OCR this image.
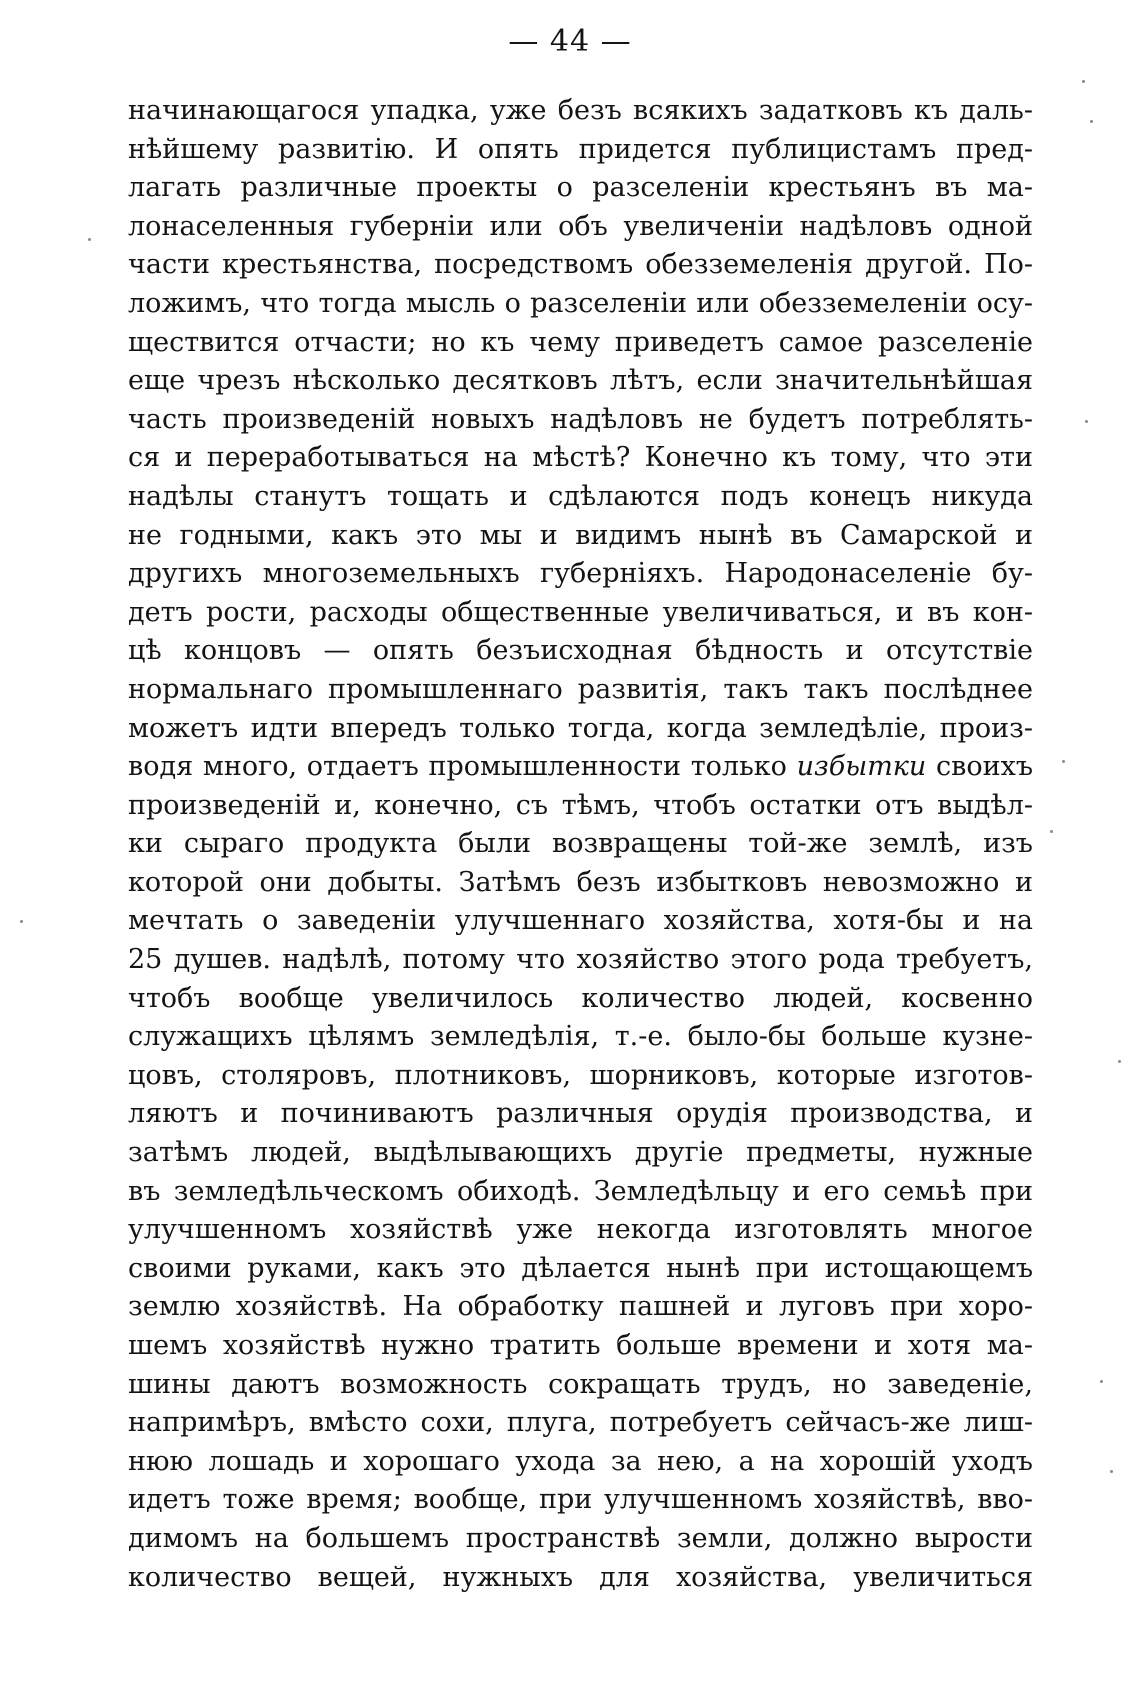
— 44 —
начинающагося упадка, уже безъ всякихъ задатковъ къ даль-
нѣйшему развитію. И опять придется публицистамъ пред-
лагать различные проекты о разселеніи крестьянъ въ ма-
лонаселенныя губерніи или объ увеличеніи надѣловъ одной
части крестьянства, посредствомъ обезземеленія другой. По-
ложимъ, что тогда мысль о разселеніи или обезземеленіи осу-
ществится отчасти; но къ чему приведетъ самое разселеніе
еще чрезъ нѣсколько десятковъ лѣтъ, если значительнѣйшая
часть произведеній новыхъ надѣловъ не будетъ потреблять-
ся и переработываться на мѣстѣ? Конечно къ тому, что эти
надѣлы станутъ тощать и сдѣлаются подъ конецъ никуда
не годными, какъ это мы и видимъ нынѣ въ Самарской и
другихъ многоземельныхъ губерніяхъ. Народонаселеніе бу-
детъ рости, расходы общественные увеличиваться, и въ кон-
цѣ концовъ — опять безъисходная бѣдность и отсутствіе
нормальнаго промышленнаго развитія, такъ такъ послѣднее
можетъ идти впередъ только тогда, когда земледѣліе, произ-
водя много, отдаетъ промышленности только избытки своихъ
произведеній и, конечно, съ тѣмъ, чтобъ остатки отъ выдѣл-
ки сыраго продукта были возвращены той-же землѣ, изъ
которой они добыты. Затѣмъ безъ избытковъ невозможно и
мечтать о заведеніи улучшеннаго хозяйства, хотя-бы и на
25 душев. надѣлѣ, потому что хозяйство этого рода требуетъ,
чтобъ вообще увеличилось количество людей, косвенно
служащихъ цѣлямъ земледѣлія, т.-е. было-бы больше кузне-
цовъ, столяровъ, плотниковъ, шорниковъ, которые изготов-
ляютъ и починиваютъ различныя орудія производства, и
затѣмъ людей, выдѣлывающихъ другіе предметы, нужные
въ земледѣльческомъ обиходѣ. Земледѣльцу и его семьѣ при
улучшенномъ хозяйствѣ уже некогда изготовлять многое
своими руками, какъ это дѣлается нынѣ при истощающемъ
землю хозяйствѣ. На обработку пашней и луговъ при хоро-
шемъ хозяйствѣ нужно тратить больше времени и хотя ма-
шины даютъ возможность сокращать трудъ, но заведеніе,
напримѣръ, вмѣсто сохи, плуга, потребуетъ сейчасъ-же лиш-
нюю лошадь и хорошаго ухода за нею, а на хорошій уходъ
идетъ тоже время; вообще, при улучшенномъ хозяйствѣ, вво-
димомъ на большемъ пространствѣ земли, должно вырости
количество вещей, нужныхъ для хозяйства, увеличиться
